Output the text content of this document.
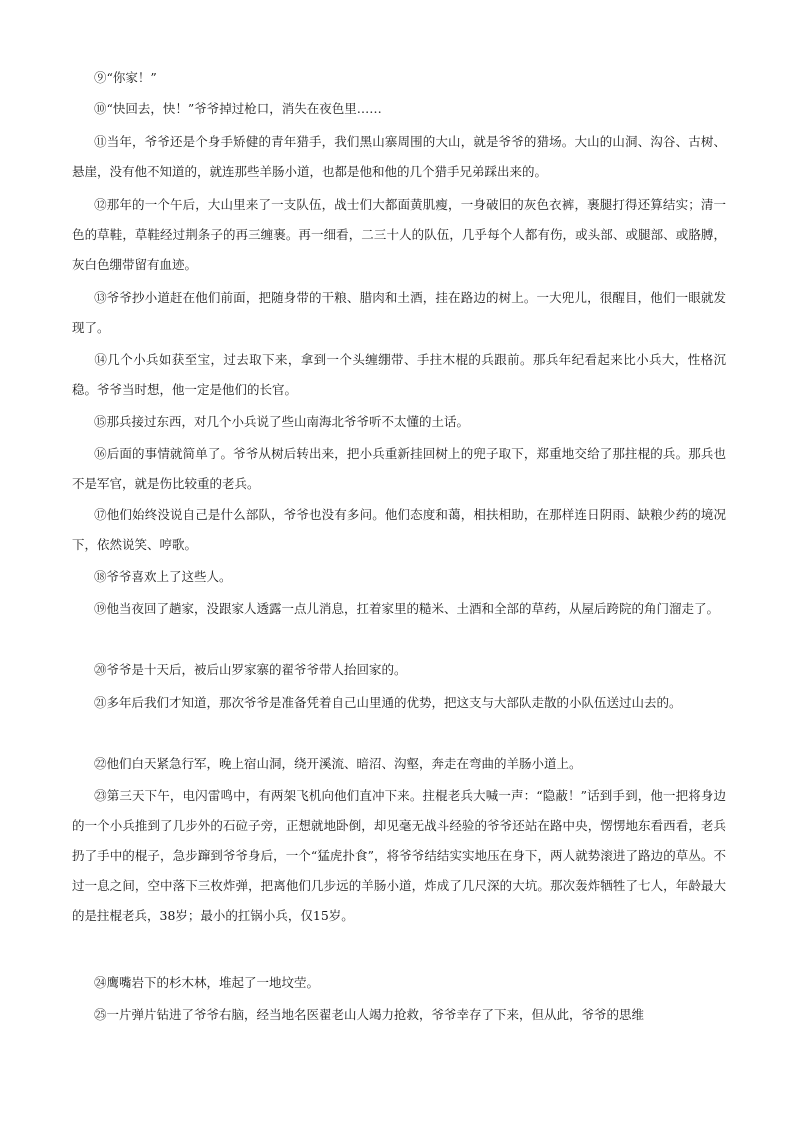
⑨“你家！”

⑩“快回去，快！”爷爷掉过枪口，消失在夜色里……

⑪当年，爷爷还是个身手矫健的青年猎手，我们黑山寨周围的大山，就是爷爷的猎场。大山的山洞、沟谷、古树、悬崖，没有他不知道的，就连那些羊肠小道，也都是他和他的几个猎手兄弟踩出来的。

⑫那年的一个午后，大山里来了一支队伍，战士们大都面黄肌瘦，一身破旧的灰色衣裤，裹腿打得还算结实；清一色的草鞋，草鞋经过荆条子的再三缠裹。再一细看，二三十人的队伍，几乎每个人都有伤，或头部、或腿部、或胳膊，灰白色绷带留有血迹。

⑬爷爷抄小道赶在他们前面，把随身带的干粮、腊肉和土酒，挂在路边的树上。一大兜儿，很醒目，他们一眼就发现了。

⑭几个小兵如获至宝，过去取下来，拿到一个头缠绷带、手拄木棍的兵跟前。那兵年纪看起来比小兵大，性格沉稳。爷爷当时想，他一定是他们的长官。

⑮那兵接过东西，对几个小兵说了些山南海北爷爷听不太懂的土话。

⑯后面的事情就简单了。爷爷从树后转出来，把小兵重新挂回树上的兜子取下，郑重地交给了那拄棍的兵。那兵也不是军官，就是伤比较重的老兵。

⑰他们始终没说自己是什么部队，爷爷也没有多问。他们态度和蔼，相扶相助，在那样连日阴雨、缺粮少药的境况下，依然说笑、哼歌。

⑱爷爷喜欢上了这些人。

⑲他当夜回了趟家，没跟家人透露一点儿消息，扛着家里的糙米、土酒和全部的草药，从屋后跨院的角门溜走了。

⑳爷爷是十天后，被后山罗家寨的翟爷爷带人抬回家的。

㉑多年后我们才知道，那次爷爷是准备凭着自己山里通的优势，把这支与大部队走散的小队伍送过山去的。

㉒他们白天紧急行军，晚上宿山洞，绕开溪流、暗沼、沟壑，奔走在弯曲的羊肠小道上。

㉓第三天下午，电闪雷鸣中，有两架飞机向他们直冲下来。拄棍老兵大喊一声：“隐蔽！”话到手到，他一把将身边的一个小兵推到了几步外的石砬子旁，正想就地卧倒，却见毫无战斗经验的爷爷还站在路中央，愣愣地东看西看，老兵扔了手中的棍子，急步蹿到爷爷身后，一个“猛虎扑食”，将爷爷结结实实地压在身下，两人就势滚进了路边的草丛。不过一息之间，空中落下三枚炸弹，把离他们几步远的羊肠小道，炸成了几尺深的大坑。那次轰炸牺牲了七人，年龄最大的是拄棍老兵，38岁；最小的扛锅小兵，仅15岁。

㉔鹰嘴岩下的杉木林，堆起了一地坟茔。

㉕一片弹片钻进了爷爷右脑，经当地名医翟老山人竭力抢救，爷爷幸存了下来，但从此，爷爷的思维
